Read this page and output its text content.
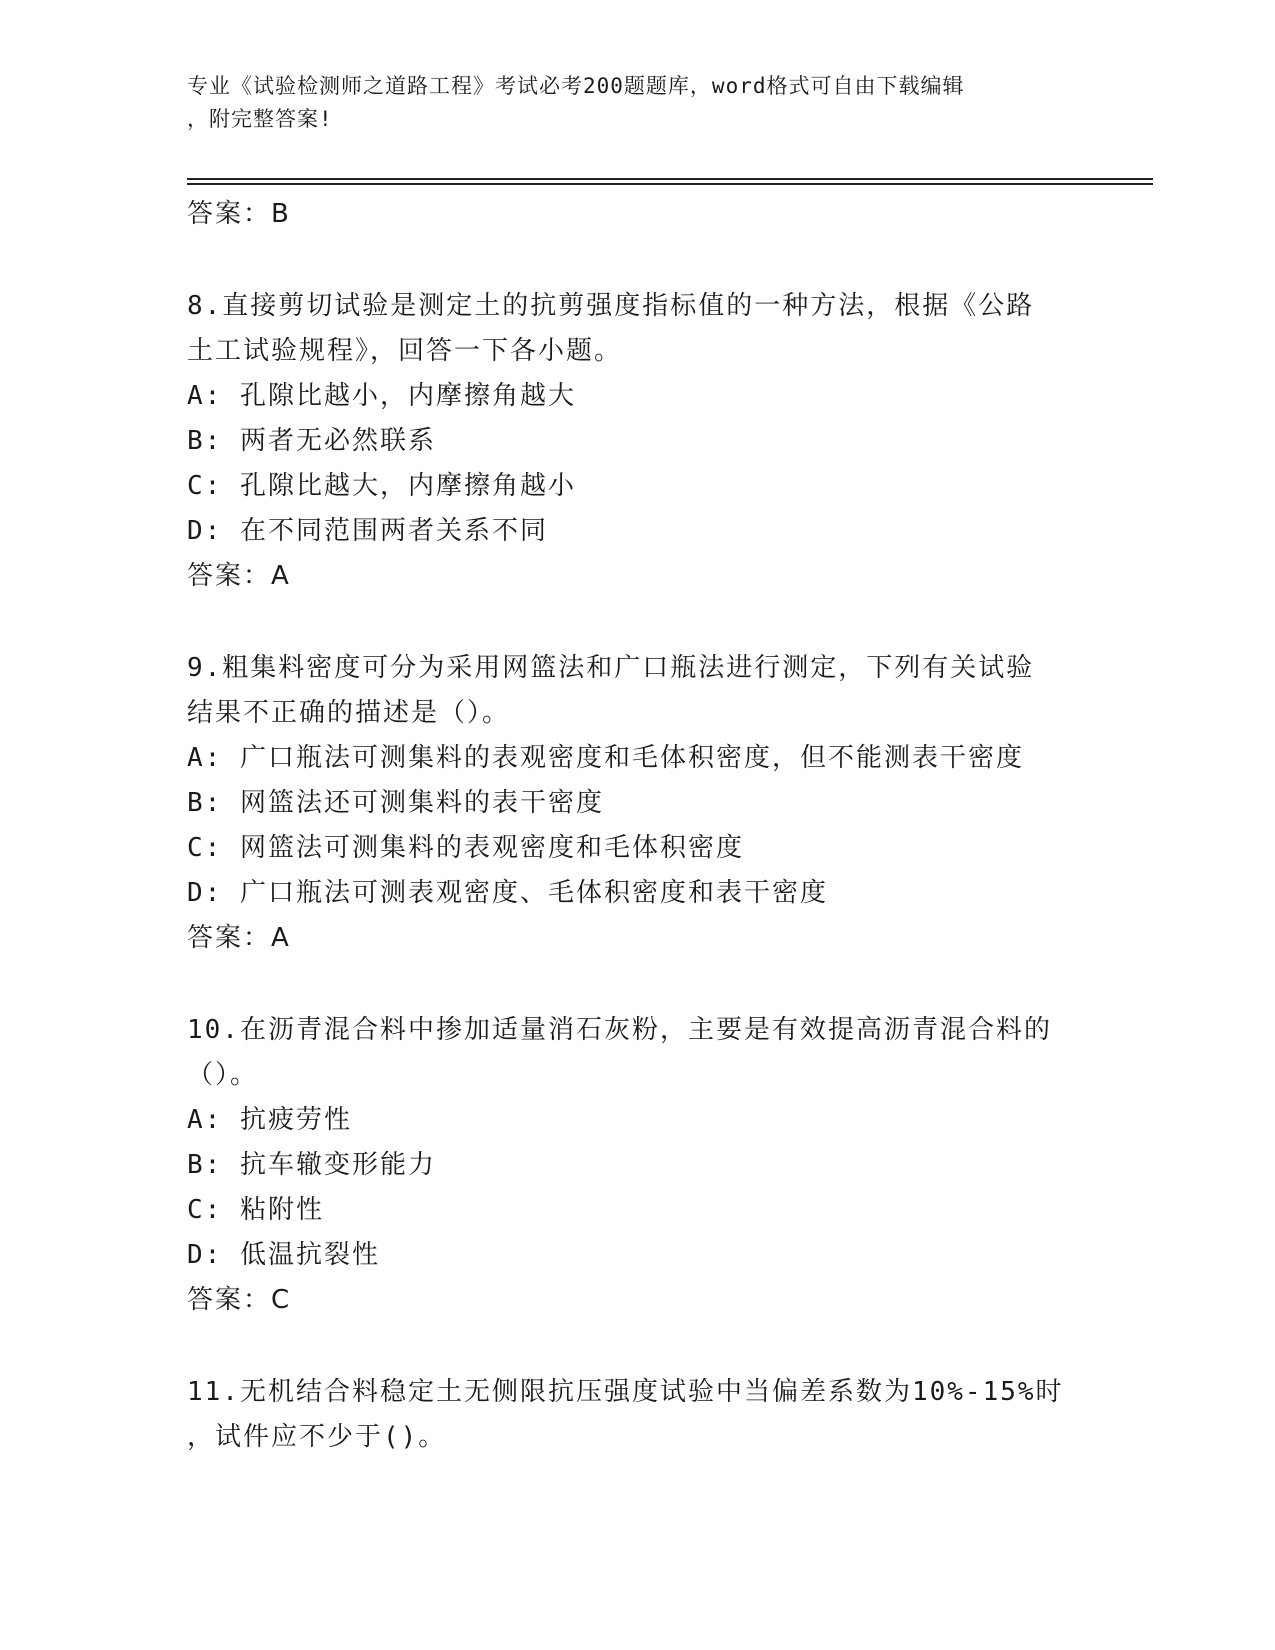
专业《试验检测师之道路工程》考试必考200题题库，word格式可自由下载编辑
，附完整答案!
答案：B
8.直接剪切试验是测定土的抗剪强度指标值的一种方法，根据《公路
土工试验规程》，回答一下各小题。
A: 孔隙比越小，内摩擦角越大
B: 两者无必然联系
C: 孔隙比越大，内摩擦角越小
D: 在不同范围两者关系不同
答案：A
9.粗集料密度可分为采用网篮法和广口瓶法进行测定，下列有关试验
结果不正确的描述是（）。
A: 广口瓶法可测集料的表观密度和毛体积密度，但不能测表干密度
B: 网篮法还可测集料的表干密度
C: 网篮法可测集料的表观密度和毛体积密度
D: 广口瓶法可测表观密度、毛体积密度和表干密度
答案：A
10.在沥青混合料中掺加适量消石灰粉，主要是有效提高沥青混合料的
（）。
A: 抗疲劳性
B: 抗车辙变形能力
C: 粘附性
D: 低温抗裂性
答案：C
11.无机结合料稳定土无侧限抗压强度试验中当偏差系数为10%-15%时
，试件应不少于()。
